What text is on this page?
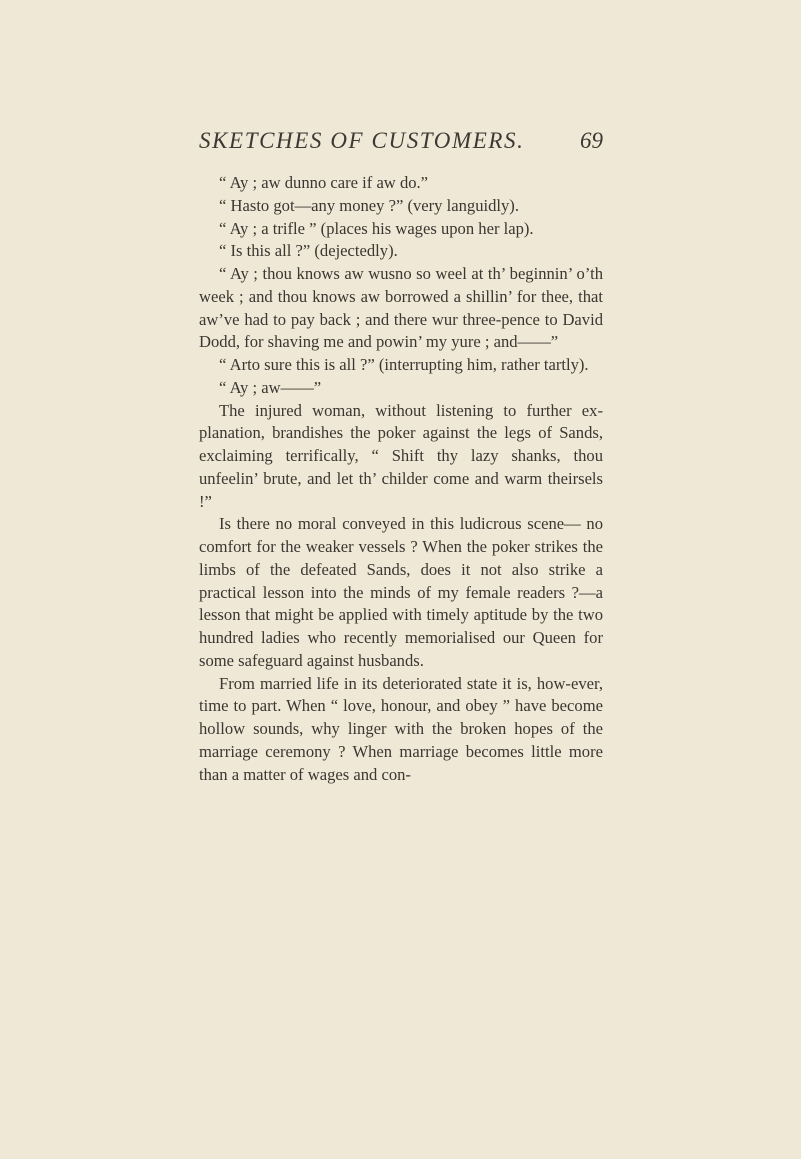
SKETCHES OF CUSTOMERS. 69

“ Ay ; aw dunno care if aw do.”

“ Hasto got—any money ?” (very languidly).

“ Ay ; a trifle ” (places his wages upon her lap).

“ Is this all ?” (dejectedly).

“ Ay ; thou knows aw wusno so weel at th’ beginnin’ o’th week ; and thou knows aw borrowed a shillin’ for thee, that aw’ve had to pay back ; and there wur three-pence to David Dodd, for shaving me and powin’ my yure ; and——”

“ Arto sure this is all ?” (interrupting him, rather tartly).

“ Ay ; aw——”

The injured woman, without listening to further ex-planation, brandishes the poker against the legs of Sands, exclaiming terrifically, “ Shift thy lazy shanks, thou unfeelin’ brute, and let th’ childer come and warm theirsels !”

Is there no moral conveyed in this ludicrous scene— no comfort for the weaker vessels ? When the poker strikes the limbs of the defeated Sands, does it not also strike a practical lesson into the minds of my female readers ?—a lesson that might be applied with timely aptitude by the two hundred ladies who recently memorialised our Queen for some safeguard against husbands.

From married life in its deteriorated state it is, how-ever, time to part. When “ love, honour, and obey ” have become hollow sounds, why linger with the broken hopes of the marriage ceremony ? When marriage becomes little more than a matter of wages and con-
